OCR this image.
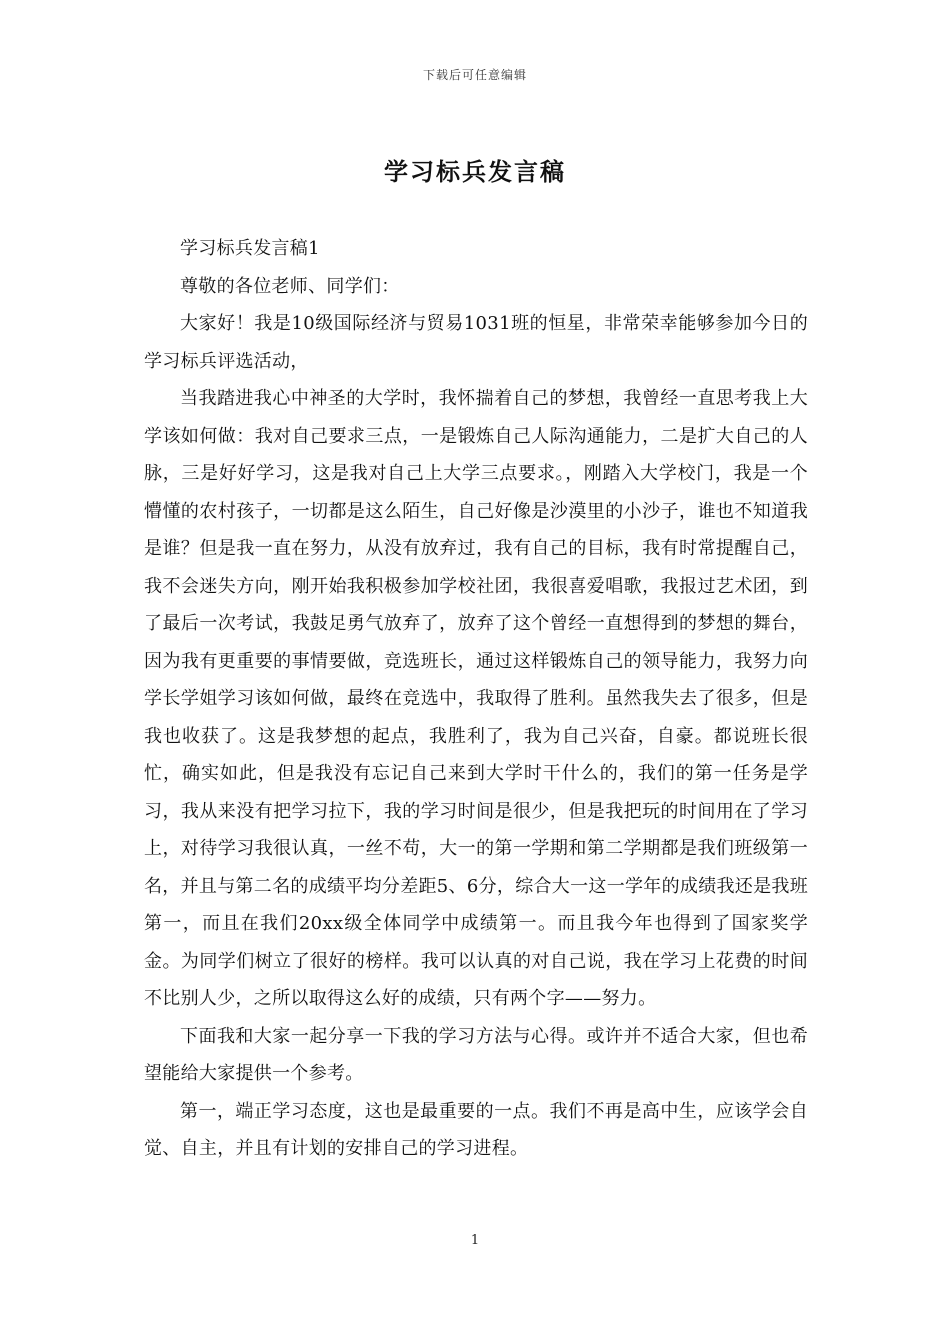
下载后可任意编辑
学习标兵发言稿

学习标兵发言稿1

尊敬的各位老师、同学们：

大家好！我是10级国际经济与贸易1031班的恒星，非常荣幸能够参加今日的学习标兵评选活动，

当我踏进我心中神圣的大学时，我怀揣着自己的梦想，我曾经一直思考我上大学该如何做：我对自己要求三点，一是锻炼自己人际沟通能力，二是扩大自己的人脉，三是好好学习，这是我对自己上大学三点要求。，刚踏入大学校门，我是一个懵懂的农村孩子，一切都是这么陌生，自己好像是沙漠里的小沙子，谁也不知道我是谁？但是我一直在努力，从没有放弃过，我有自己的目标，我有时常提醒自己，我不会迷失方向，刚开始我积极参加学校社团，我很喜爱唱歌，我报过艺术团，到了最后一次考试，我鼓足勇气放弃了，放弃了这个曾经一直想得到的梦想的舞台，因为我有更重要的事情要做，竞选班长，通过这样锻炼自己的领导能力，我努力向学长学姐学习该如何做，最终在竞选中，我取得了胜利。虽然我失去了很多，但是我也收获了。这是我梦想的起点，我胜利了，我为自己兴奋，自豪。都说班长很忙，确实如此，但是我没有忘记自己来到大学时干什么的，我们的第一任务是学习，我从来没有把学习拉下，我的学习时间是很少，但是我把玩的时间用在了学习上，对待学习我很认真，一丝不苟，大一的第一学期和第二学期都是我们班级第一名，并且与第二名的成绩平均分差距5、6分，综合大一这一学年的成绩我还是我班第一，而且在我们20xx级全体同学中成绩第一。而且我今年也得到了国家奖学金。为同学们树立了很好的榜样。我可以认真的对自己说，我在学习上花费的时间不比别人少，之所以取得这么好的成绩，只有两个字——努力。

下面我和大家一起分享一下我的学习方法与心得。或许并不适合大家，但也希望能给大家提供一个参考。

第一，端正学习态度，这也是最重要的一点。我们不再是高中生，应该学会自觉、自主，并且有计划的安排自己的学习进程。

1
